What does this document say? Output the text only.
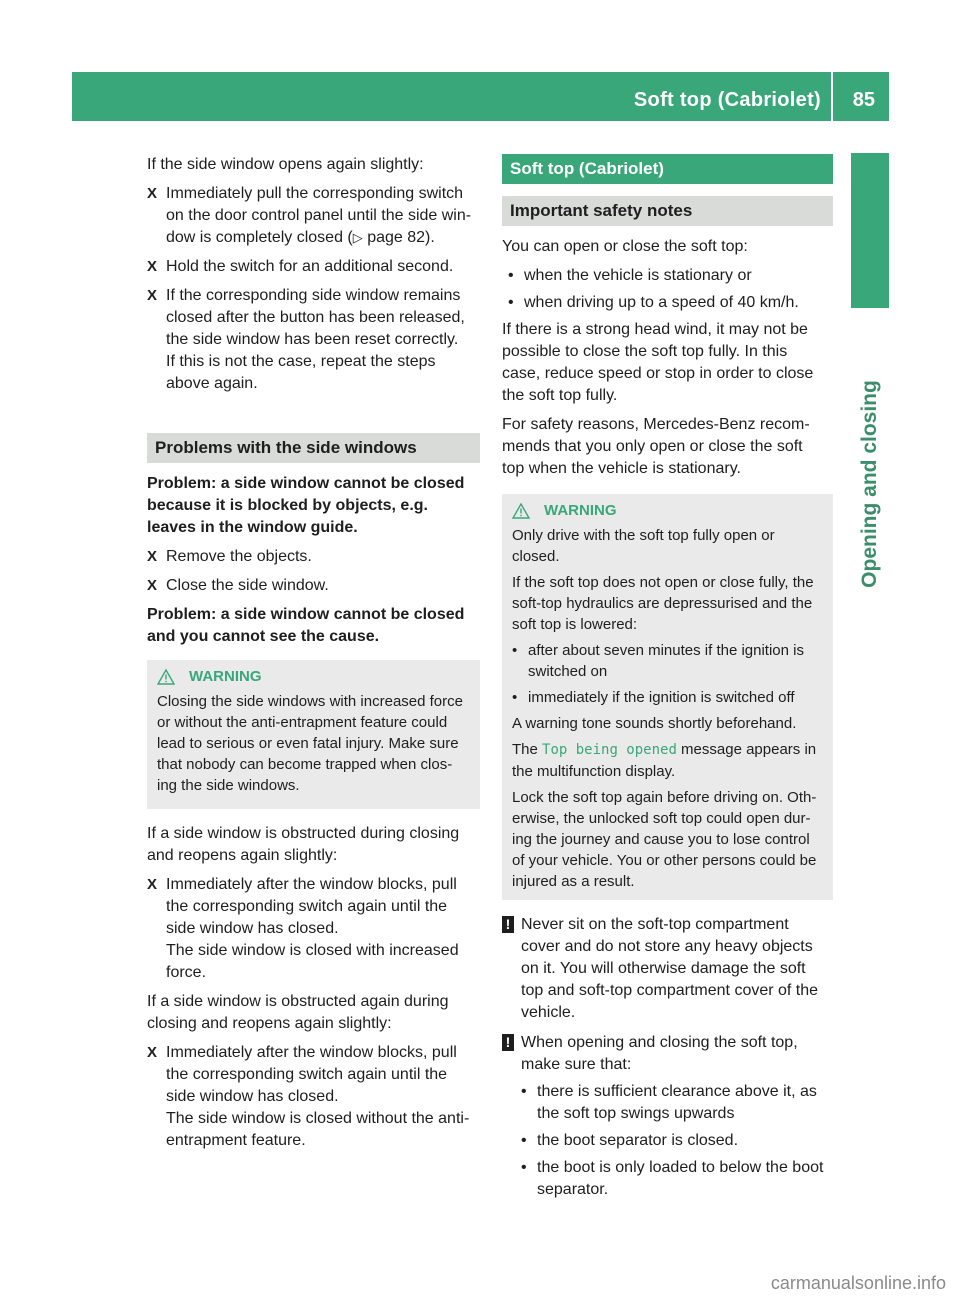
Soft top (Cabriolet) 85
Opening and closing

If the side window opens again slightly:

X Immediately pull the corresponding switch
on the door control panel until the side win-
dow is completely closed (▷ page 82).
X Hold the switch for an additional second.
X If the corresponding side window remains
closed after the button has been released,
the side window has been reset correctly.
If this is not the case, repeat the steps
above again.
Problems with the side windows

Problem: a side window cannot be closed
because it is blocked by objects, e.g.
leaves in the window guide.

X Remove the objects.
X Close the side window.

Problem: a side window cannot be closed
and you cannot see the cause.

WARNING

Closing the side windows with increased force
or without the anti-entrapment feature could
lead to serious or even fatal injury. Make sure
that nobody can become trapped when clos-
ing the side windows.

If a side window is obstructed during closing
and reopens again slightly:

X Immediately after the window blocks, pull
the corresponding switch again until the
side window has closed.
The side window is closed with increased
force.

If a side window is obstructed again during
closing and reopens again slightly:

X Immediately after the window blocks, pull
the corresponding switch again until the
side window has closed.
The side window is closed without the anti-
entrapment feature.
Soft top (Cabriolet)
Important safety notes

You can open or close the soft top:

• when the vehicle is stationary or
• when driving up to a speed of 40 km/h.

If there is a strong head wind, it may not be
possible to close the soft top fully. In this
case, reduce speed or stop in order to close
the soft top fully.

For safety reasons, Mercedes-Benz recom-
mends that you only open or close the soft
top when the vehicle is stationary.

WARNING

Only drive with the soft top fully open or
closed.

If the soft top does not open or close fully, the
soft-top hydraulics are depressurised and the
soft top is lowered:

• after about seven minutes if the ignition is
switched on
• immediately if the ignition is switched off

A warning tone sounds shortly beforehand.

The Top being opened message appears in
the multifunction display.

Lock the soft top again before driving on. Oth-
erwise, the unlocked soft top could open dur-
ing the journey and cause you to lose control
of your vehicle. You or other persons could be
injured as a result.

! Never sit on the soft-top compartment
cover and do not store any heavy objects
on it. You will otherwise damage the soft
top and soft-top compartment cover of the
vehicle.
! When opening and closing the soft top,
make sure that:
• there is sufficient clearance above it, as
the soft top swings upwards
• the boot separator is closed.
• the boot is only loaded to below the boot
separator.
carmanualsonline.info
